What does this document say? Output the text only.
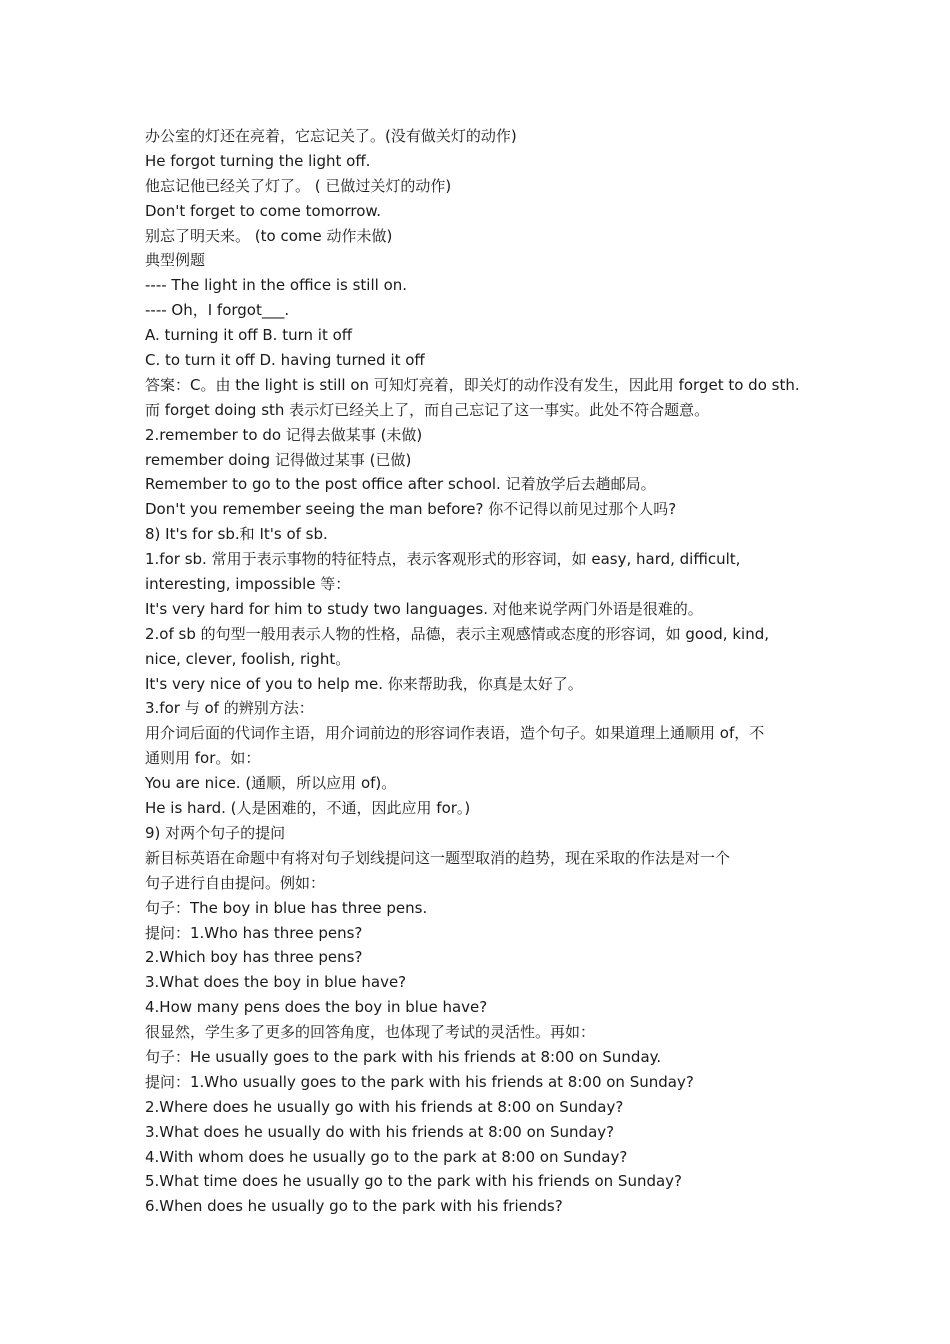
办公室的灯还在亮着，它忘记关了。(没有做关灯的动作)
He forgot turning the light off.
他忘记他已经关了灯了。 ( 已做过关灯的动作)
Don't forget to come tomorrow.
别忘了明天来。 (to come 动作未做)
典型例题
---- The light in the office is still on.
---- Oh，I forgot___.
A. turning it off B. turn it off
C. to turn it off D. having turned it off
答案：C。由 the light is still on 可知灯亮着，即关灯的动作没有发生，因此用 forget to do sth.
而 forget doing sth 表示灯已经关上了，而自己忘记了这一事实。此处不符合题意。
2.remember to do 记得去做某事 (未做)
remember doing 记得做过某事 (已做)
Remember to go to the post office after school. 记着放学后去趟邮局。
Don't you remember seeing the man before? 你不记得以前见过那个人吗?
8) It's for sb.和 It's of sb.
1.for sb. 常用于表示事物的特征特点，表示客观形式的形容词，如 easy, hard, difficult,
interesting, impossible 等：
It's very hard for him to study two languages. 对他来说学两门外语是很难的。
2.of sb 的句型一般用表示人物的性格，品德，表示主观感情或态度的形容词，如 good, kind,
nice, clever, foolish, right。
It's very nice of you to help me. 你来帮助我，你真是太好了。
3.for 与 of 的辨别方法：
用介词后面的代词作主语，用介词前边的形容词作表语，造个句子。如果道理上通顺用 of，不
通则用 for。如：
You are nice. (通顺，所以应用 of)。
He is hard. (人是困难的，不通，因此应用 for。)
9) 对两个句子的提问
新目标英语在命题中有将对句子划线提问这一题型取消的趋势，现在采取的作法是对一个
句子进行自由提问。例如：
句子：The boy in blue has three pens.
提问：1.Who has three pens?
2.Which boy has three pens?
3.What does the boy in blue have?
4.How many pens does the boy in blue have?
很显然，学生多了更多的回答角度，也体现了考试的灵活性。再如：
句子：He usually goes to the park with his friends at 8:00 on Sunday.
提问：1.Who usually goes to the park with his friends at 8:00 on Sunday?
2.Where does he usually go with his friends at 8:00 on Sunday?
3.What does he usually do with his friends at 8:00 on Sunday?
4.With whom does he usually go to the park at 8:00 on Sunday?
5.What time does he usually go to the park with his friends on Sunday?
6.When does he usually go to the park with his friends?
